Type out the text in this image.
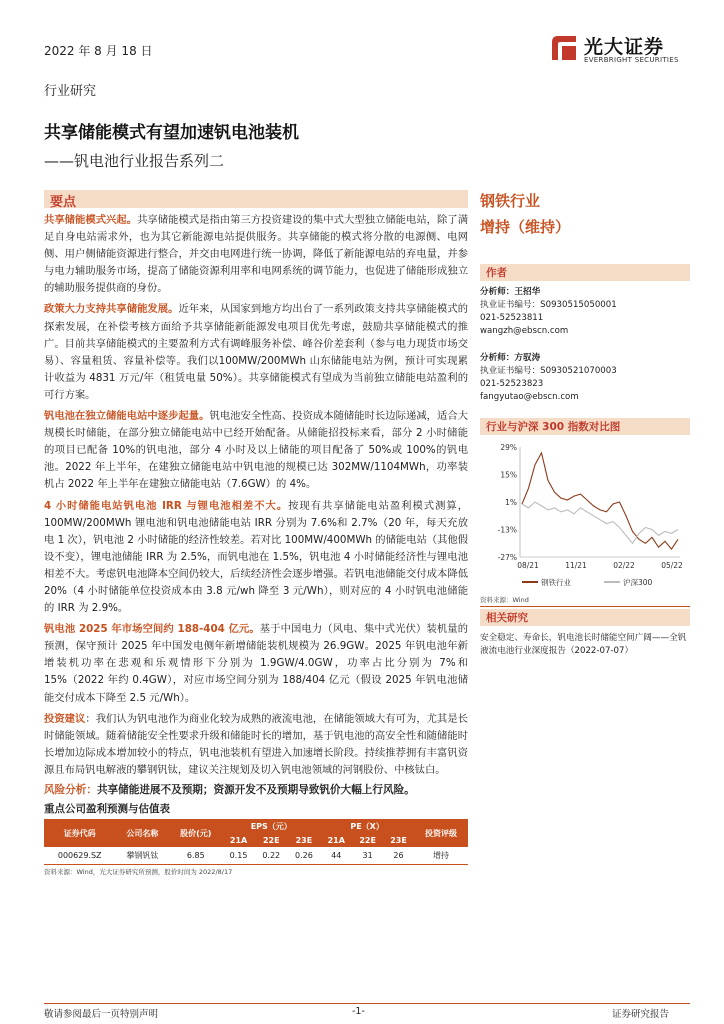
2022 年 8 月 18 日	光大证券
EVERBRIGHT SECURITIES
行业研究
共享储能模式有望加速钒电池装机
——钒电池行业报告系列二
要点

共享储能模式兴起。共享储能模式是指由第三方投资建设的集中式大型独立储能电站，除了满足自身电站需求外，也为其它新能源电站提供服务。共享储能的模式将分散的电源侧、电网侧、用户侧储能资源进行整合，并交由电网进行统一协调，降低了新能源电站的弃电量，并参与电力辅助服务市场，提高了储能资源利用率和电网系统的调节能力，也促进了储能形成独立的辅助服务提供商的身份。

政策大力支持共享储能发展。近年来，从国家到地方均出台了一系列政策支持共享储能模式的探索发展，在补偿考核方面给予共享储能新能源发电项目优先考虑，鼓励共享储能模式的推广。目前共享储能模式的主要盈利方式有调峰服务补偿、峰谷价差套利（参与电力现货市场交易）、容量租赁、容量补偿等。我们以100MW/200MWh 山东储能电站为例，预计可实现累计收益为 4831 万元/年（租赁电量 50%）。共享储能模式有望成为当前独立储能电站盈利的可行方案。

钒电池在独立储能电站中逐步起量。钒电池安全性高、投资成本随储能时长边际递减，适合大规模长时储能，在部分独立储能电站中已经开始配备。从储能招投标来看，部分 2 小时储能的项目已配备 10%的钒电池，部分 4 小时及以上储能的项目配备了 50%或 100%的钒电池。2022 年上半年，在建独立储能电站中钒电池的规模已达 302MW/1104MWh，功率装机占 2022 年上半年在建独立储能电站（7.6GW）的 4%。

4 小时储能电站钒电池 IRR 与锂电池相差不大。按现有共享储能电站盈利模式测算，100MW/200MWh 锂电池和钒电池储能电站 IRR 分别为 7.6%和 2.7%（20 年，每天充放电 1 次），钒电池 2 小时储能的经济性较差。若对比 100MW/400MWh 的储能电站（其他假设不变），锂电池储能 IRR 为 2.5%，而钒电池在 1.5%，钒电池 4 小时储能经济性与锂电池相差不大。考虑钒电池降本空间仍较大，后续经济性会逐步增强。若钒电池储能交付成本降低 20%（4 小时储能单位投资成本由 3.8 元/wh 降至 3 元/Wh），则对应的 4 小时钒电池储能的 IRR 为 2.9%。

钒电池 2025 年市场空间约 188-404 亿元。基于中国电力（风电、集中式光伏）装机量的预测，保守预计 2025 年中国发电侧年新增储能装机规模为 26.9GW。2025 年钒电池年新增装机功率在悲观和乐观情形下分别为 1.9GW/4.0GW，功率占比分别为 7%和 15%（2022 年约 0.4GW），对应市场空间分别为 188/404 亿元（假设 2025 年钒电池储能交付成本下降至 2.5 元/Wh）。

投资建议：我们认为钒电池作为商业化较为成熟的液流电池，在储能领域大有可为，尤其是长时储能领域。随着储能安全性要求升级和储能时长的增加，基于钒电池的高安全性和随储能时长增加边际成本增加较小的特点，钒电池装机有望进入加速增长阶段。持续推荐拥有丰富钒资源且布局钒电解液的攀钢钒钛，建议关注规划及切入钒电池领域的河钢股份、中核钛白。

风险分析：共享储能进展不及预期；资源开发不及预期导致钒价大幅上行风险。

重点公司盈利预测与估值表
证券代码	公司名称	股价(元)	EPS（元）			PE（X）			投资评级
			21A	22E	23E	21A	22E	23E	
000629.SZ	攀钢钒钛	6.85	0.15	0.22	0.26	44	31	26	增持
资料来源：Wind，光大证券研究所预测，股价时间为 2022/8/17
钢铁行业
增持（维持）
作者
分析师：王招华
执业证书编号：S0930515050001
021-52523811
wangzh@ebscn.com
分析师：方驭涛
执业证书编号：S0930521070003
021-52523823
fangyutao@ebscn.com
行业与沪深 300 指数对比图
29%
15%
1%
-13%
-27%
08/21	11/21	02/22	05/22
钢铁行业	沪深300
资料来源：Wind
相关研究
安全稳定、寿命长，钒电池长时储能空间广阔——全钒液流电池行业深度报告（2022-07-07）
敬请参阅最后一页特别声明	-1-	证券研究报告
